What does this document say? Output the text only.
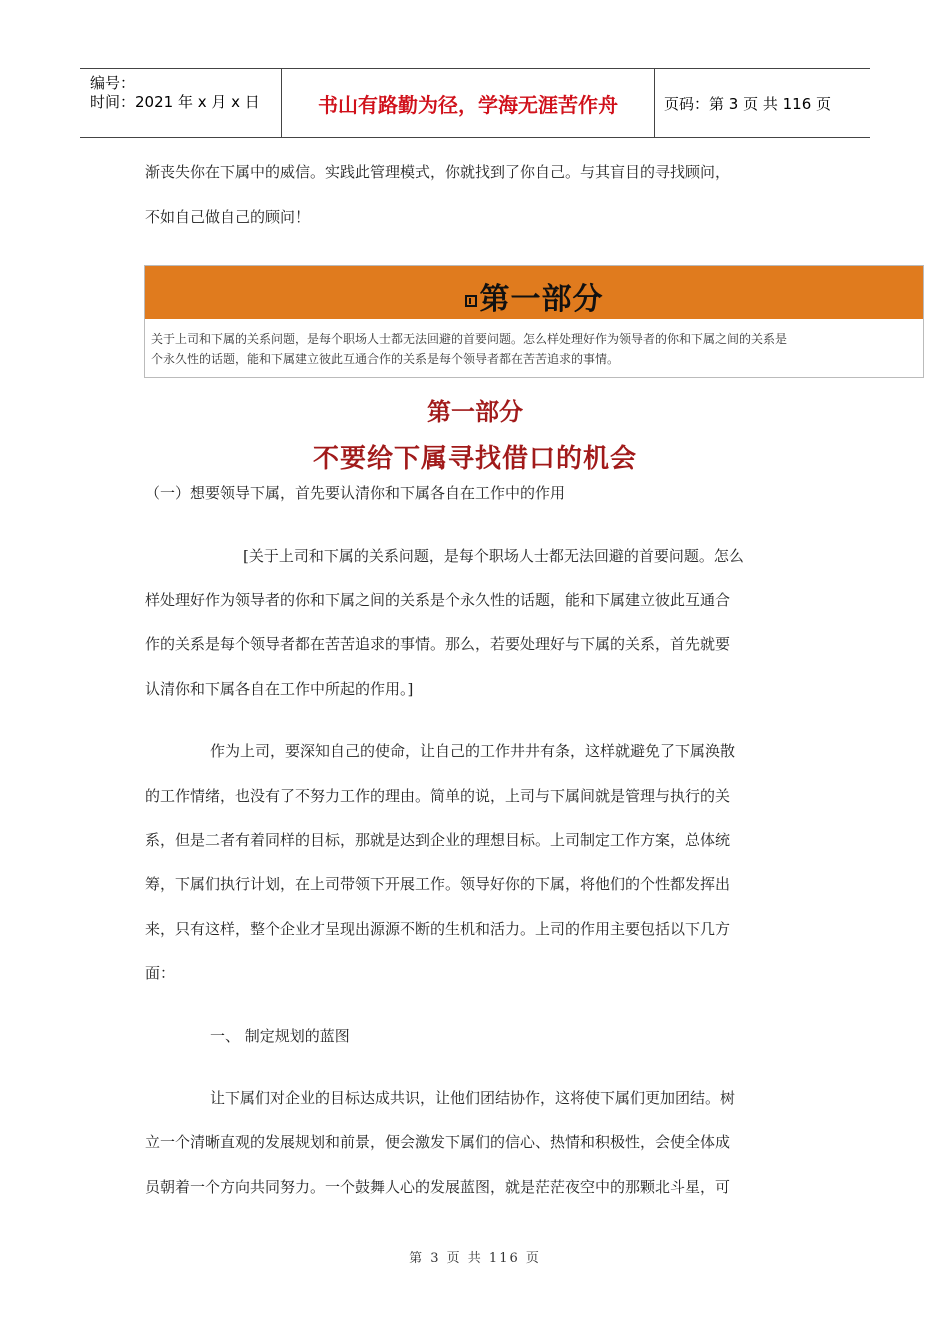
编号：
时间：2021 年 x 月 x 日	书山有路勤为径，学海无涯苦作舟	页码：第 3 页 共 116 页
渐丧失你在下属中的威信。实践此管理模式，你就找到了你自己。与其盲目的寻找顾问，
不如自己做自己的顾问！
第一部分
关于上司和下属的关系问题，是每个职场人士都无法回避的首要问题。怎么样处理好作为领导者的你和下属之间的关系是
个永久性的话题，能和下属建立彼此互通合作的关系是每个领导者都在苦苦追求的事情。
第一部分
不要给下属寻找借口的机会
（一）想要领导下属，首先要认清你和下属各自在工作中的作用
[关于上司和下属的关系问题，是每个职场人士都无法回避的首要问题。怎么
样处理好作为领导者的你和下属之间的关系是个永久性的话题，能和下属建立彼此互通合
作的关系是每个领导者都在苦苦追求的事情。那么，若要处理好与下属的关系，首先就要
认清你和下属各自在工作中所起的作用。]
作为上司，要深知自己的使命，让自己的工作井井有条，这样就避免了下属涣散
的工作情绪，也没有了不努力工作的理由。简单的说，上司与下属间就是管理与执行的关
系，但是二者有着同样的目标，那就是达到企业的理想目标。上司制定工作方案，总体统
筹，下属们执行计划，在上司带领下开展工作。领导好你的下属，将他们的个性都发挥出
来，只有这样，整个企业才呈现出源源不断的生机和活力。上司的作用主要包括以下几方
面：
一、 制定规划的蓝图
让下属们对企业的目标达成共识，让他们团结协作，这将使下属们更加团结。树
立一个清晰直观的发展规划和前景，便会激发下属们的信心、热情和积极性，会使全体成
员朝着一个方向共同努力。一个鼓舞人心的发展蓝图，就是茫茫夜空中的那颗北斗星，可
第 3 页 共 116 页
